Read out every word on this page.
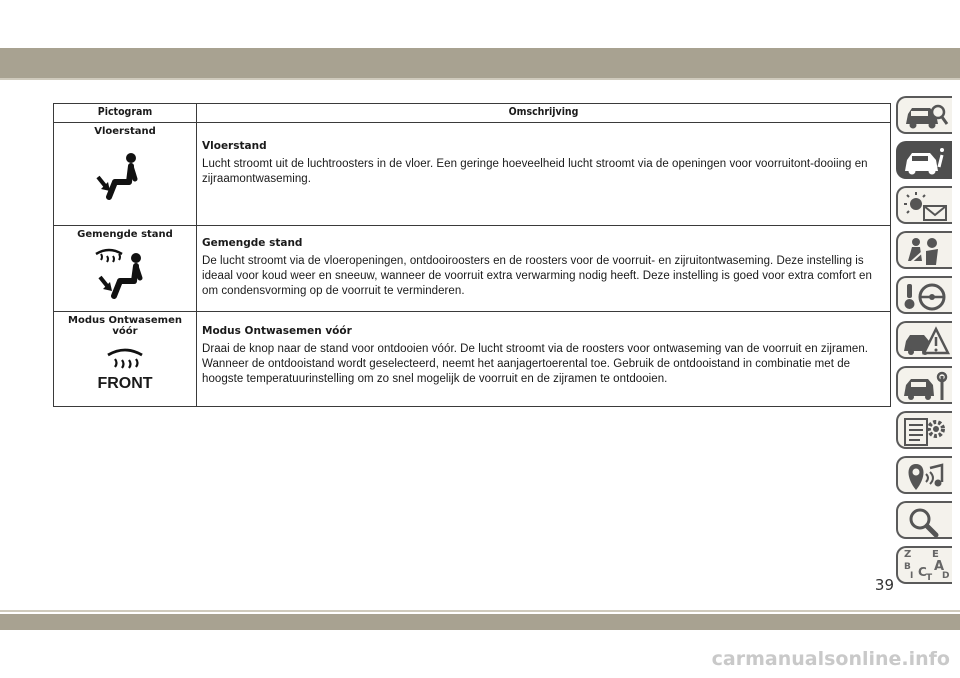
Pictogram	Omschrijving

Vloerstand	Vloerstand
Lucht stroomt uit de luchtroosters in de vloer. Een geringe hoeveelheid lucht stroomt via de openingen voor voorruitont-dooiing en zijraamontwaseming.

Gemengde stand	Gemengde stand
De lucht stroomt via de vloeropeningen, ontdooiroosters en de roosters voor de voorruit- en zijruitontwaseming. Deze instelling is ideaal voor koud weer en sneeuw, wanneer de voorruit extra verwarming nodig heeft. Deze instelling is goed voor extra comfort en om condensvorming op de voorruit te verminderen.

Modus Ontwasemen vóór
FRONT	Modus Ontwasemen vóór
Draai de knop naar de stand voor ontdooien vóór. De lucht stroomt via de roosters voor ontwaseming van de voorruit en zijramen. Wanneer de ontdooistand wordt geselecteerd, neemt het aanjagertoerental toe. Gebruik de ontdooistand in combinatie met de hoogste temperatuurinstelling om zo snel mogelijk de voorruit en de zijramen te ontdooien.
Z E
B A
I C T D
39
carmanualsonline.info
